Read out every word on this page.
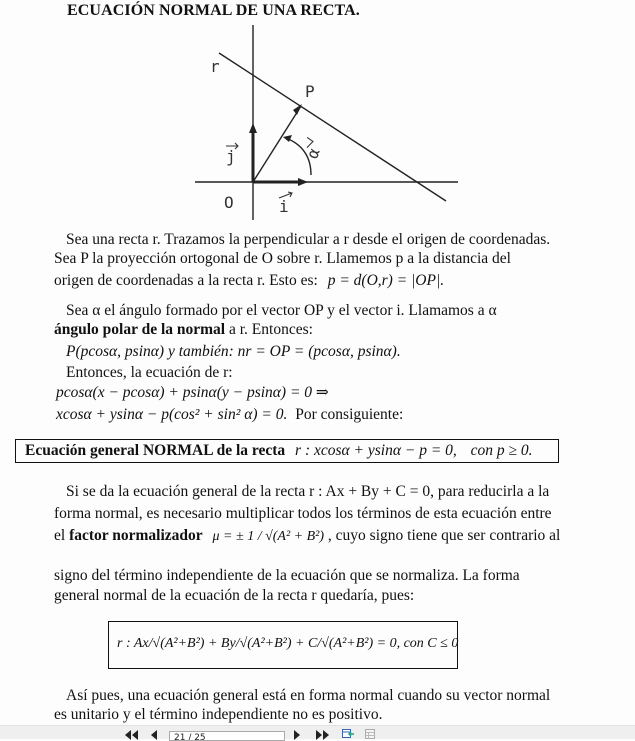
ECUACIÓN NORMAL DE UNA RECTA.
r
P
j	α
O	i
Sea una recta r. Trazamos la perpendicular a r desde el origen de coordenadas.
Sea P la proyección ortogonal de O sobre r. Llamemos p a la distancia del
origen de coordenadas a la recta r. Esto es: p = d(O,r) = |OP|.
Sea α el ángulo formado por el vector OP y el vector i. Llamamos a α
ángulo polar de la normal a r. Entonces:
P(pcosα, psinα) y también: nr = OP = (pcosα, psinα).
Entonces, la ecuación de r:
pcosα(x − pcosα) + psinα(y − psinα) = 0 ⇒
xcosα + ysinα − p(cos² + sin² α) = 0. Por consiguiente:
Ecuación general NORMAL de la recta r : xcosα + ysinα − p = 0, con p ≥ 0.
Si se da la ecuación general de la recta r : Ax + By + C = 0, para reducirla a la
forma normal, es necesario multiplicar todos los términos de esta ecuación entre
el factor normalizador μ = ± 1 / √(A² + B²) , cuyo signo tiene que ser contrario al
signo del término independiente de la ecuación que se normaliza. La forma
general normal de la ecuación de la recta r quedaría, pues:
r : Ax/√(A²+B²) + By/√(A²+B²) + C/√(A²+B²) = 0, con C ≤ 0
Así pues, una ecuación general está en forma normal cuando su vector normal
es unitario y el término independiente no es positivo.
21 / 25
